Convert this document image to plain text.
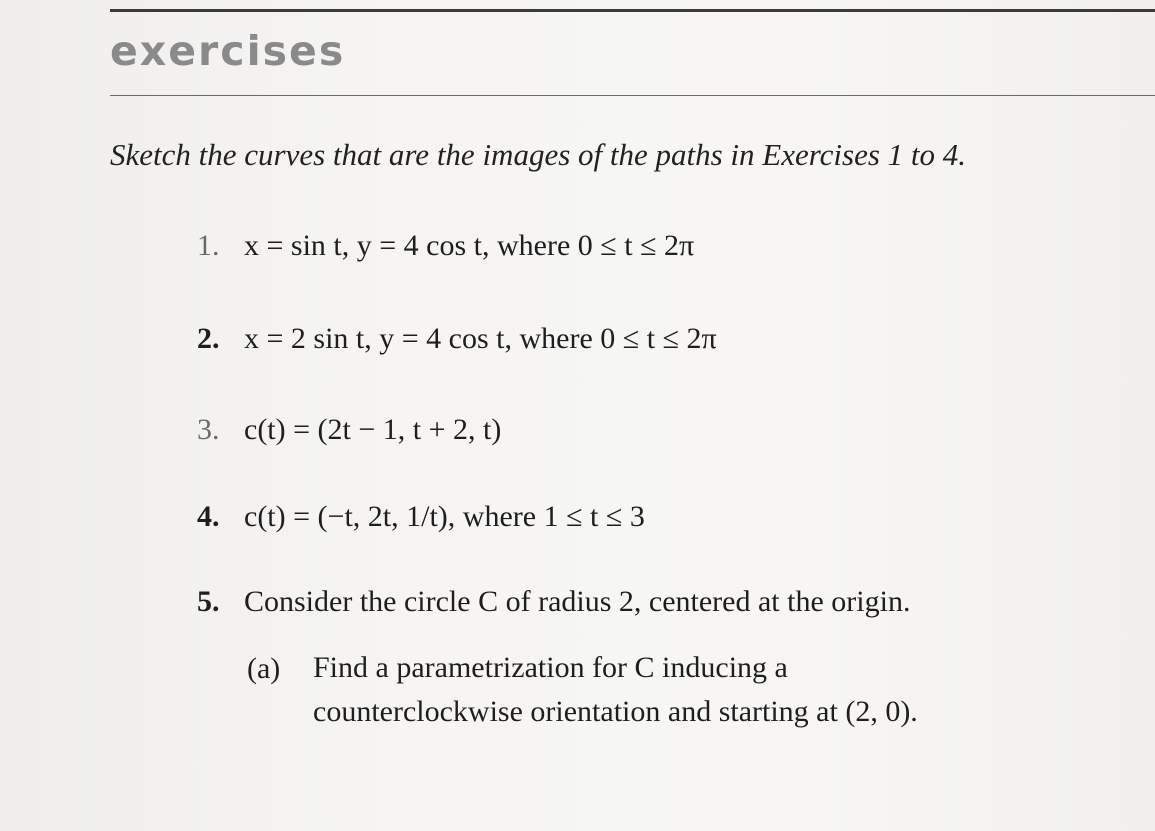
exercises
Sketch the curves that are the images of the paths in Exercises 1 to 4.
1. x = sin t, y = 4 cos t, where 0 ≤ t ≤ 2π
2. x = 2 sin t, y = 4 cos t, where 0 ≤ t ≤ 2π
3. c(t) = (2t − 1, t + 2, t)
4. c(t) = (−t, 2t, 1/t), where 1 ≤ t ≤ 3
5. Consider the circle C of radius 2, centered at the origin.
(a) Find a parametrization for C inducing a counterclockwise orientation and starting at (2, 0).
